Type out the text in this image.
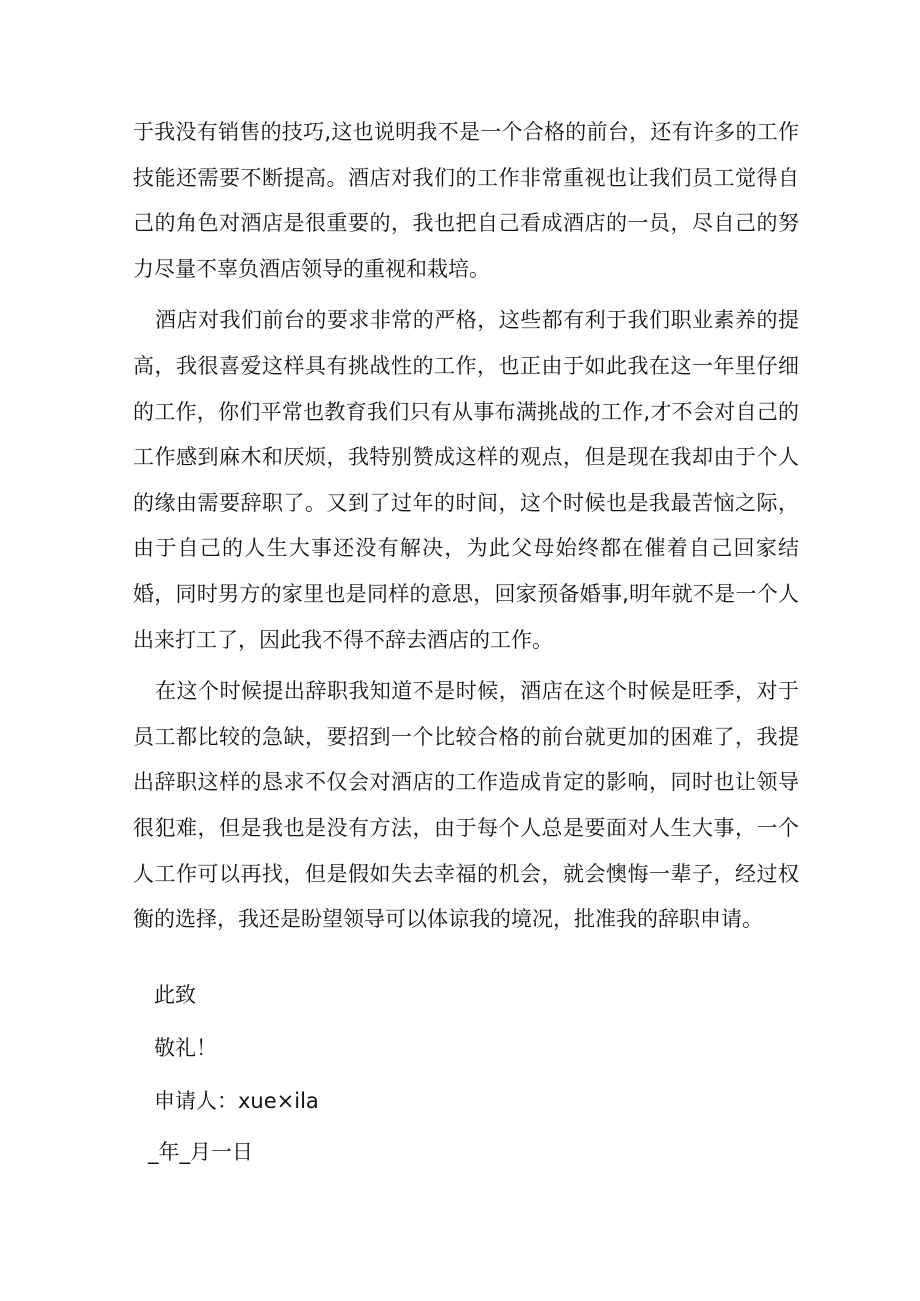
于我没有销售的技巧,这也说明我不是一个合格的前台，还有许多的工作技能还需要不断提高。酒店对我们的工作非常重视也让我们员工觉得自己的角色对酒店是很重要的，我也把自己看成酒店的一员，尽自己的努力尽量不辜负酒店领导的重视和栽培。

酒店对我们前台的要求非常的严格，这些都有利于我们职业素养的提高，我很喜爱这样具有挑战性的工作，也正由于如此我在这一年里仔细的工作，你们平常也教育我们只有从事布满挑战的工作,才不会对自己的工作感到麻木和厌烦，我特别赞成这样的观点，但是现在我却由于个人的缘由需要辞职了。又到了过年的时间，这个时候也是我最苦恼之际，由于自己的人生大事还没有解决，为此父母始终都在催着自己回家结婚，同时男方的家里也是同样的意思，回家预备婚事,明年就不是一个人出来打工了，因此我不得不辞去酒店的工作。

在这个时候提出辞职我知道不是时候，酒店在这个时候是旺季，对于员工都比较的急缺，要招到一个比较合格的前台就更加的困难了，我提出辞职这样的恳求不仅会对酒店的工作造成肯定的影响，同时也让领导很犯难，但是我也是没有方法，由于每个人总是要面对人生大事，一个人工作可以再找，但是假如失去幸福的机会，就会懊悔一辈子，经过权衡的选择，我还是盼望领导可以体谅我的境况，批准我的辞职申请。

此致

敬礼！

申请人：xue×ila

_年_月一日
